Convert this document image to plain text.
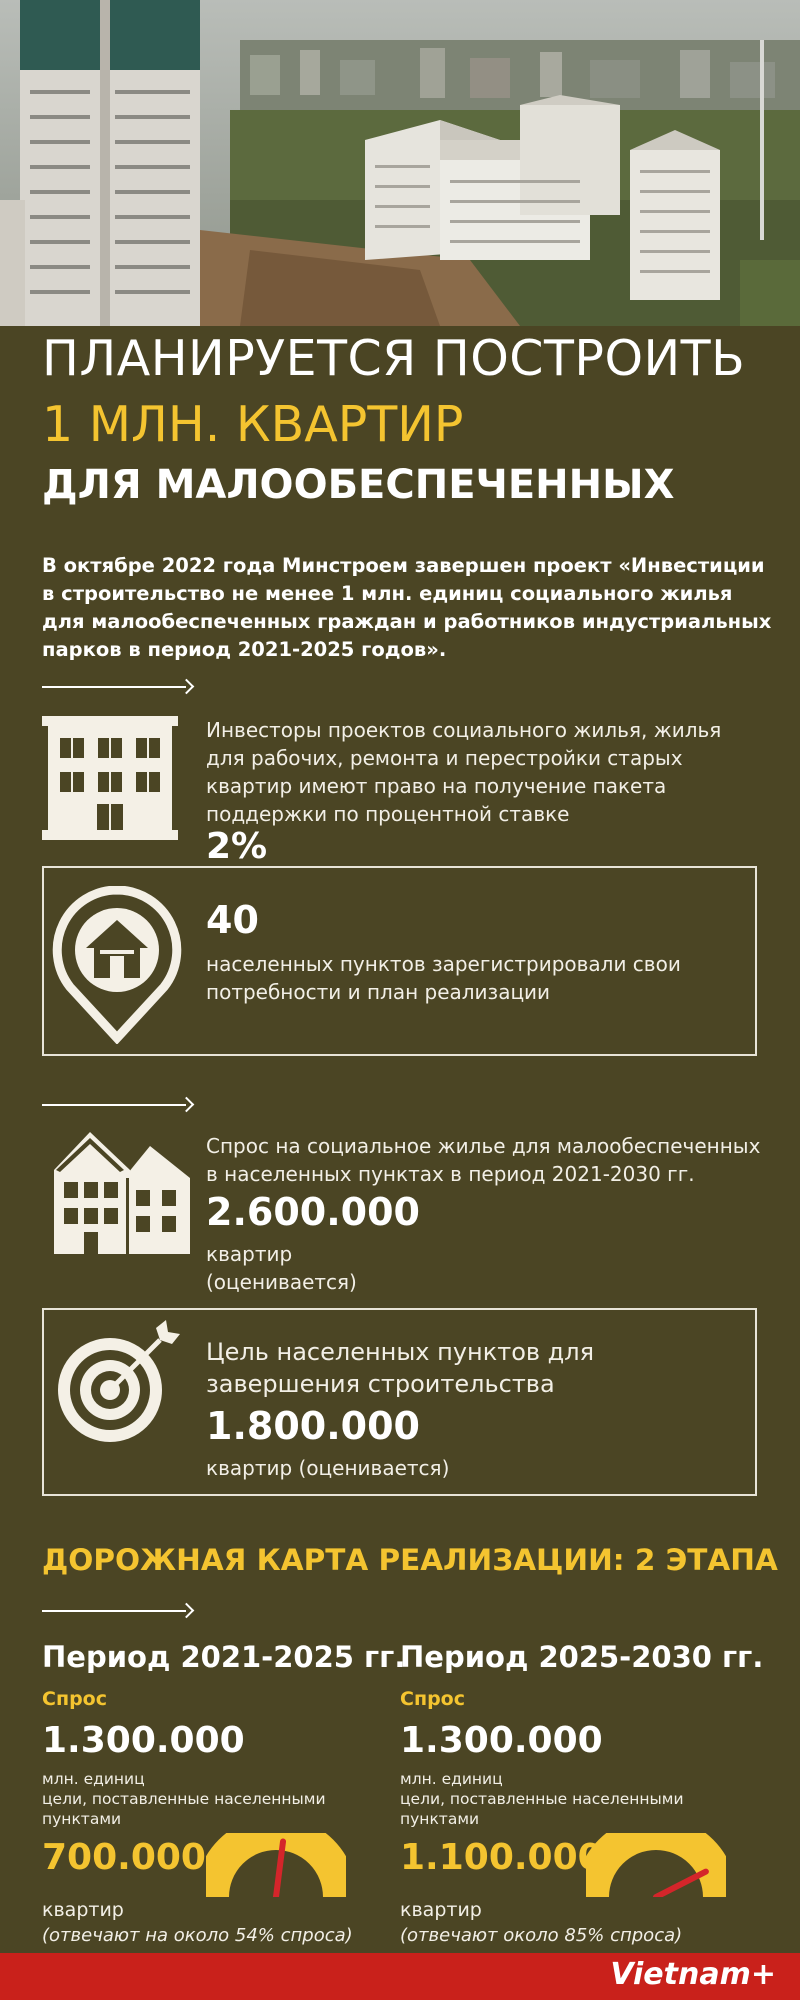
ПЛАНИРУЕТСЯ ПОСТРОИТЬ
1 МЛН. КВАРТИР
ДЛЯ МАЛООБЕСПЕЧЕННЫХ
В октябре 2022 года Минстроем завершен проект «Инвестиции в строительство не менее 1 млн. единиц социального жилья для малообеспеченных граждан и работников индустриальных парков в период 2021-2025 годов».
Инвесторы проектов социального жилья, жилья для рабочих, ремонта и перестройки старых квартир имеют право на получение пакета поддержки по процентной ставке
2%
40
населенных пунктов зарегистрировали свои потребности и план реализации
Спрос на социальное жилье для малообеспеченных в населенных пунктах в период 2021-2030 гг.
2.600.000
квартир
(оценивается)
Цель населенных пунктов для завершения строительства
1.800.000
квартир (оценивается)
ДОРОЖНАЯ КАРТА РЕАЛИЗАЦИИ: 2 ЭТАПА
Период 2021-2025 гг.
Спрос
1.300.000
млн. единиц
цели, поставленные населенными пунктами
700.000
квартир
(отвечают на около 54% спроса)
Период 2025-2030 гг.
Спрос
1.300.000
млн. единиц
цели, поставленные населенными пунктами
1.100.000
квартир
(отвечают около 85% спроса)
Vietnam+
